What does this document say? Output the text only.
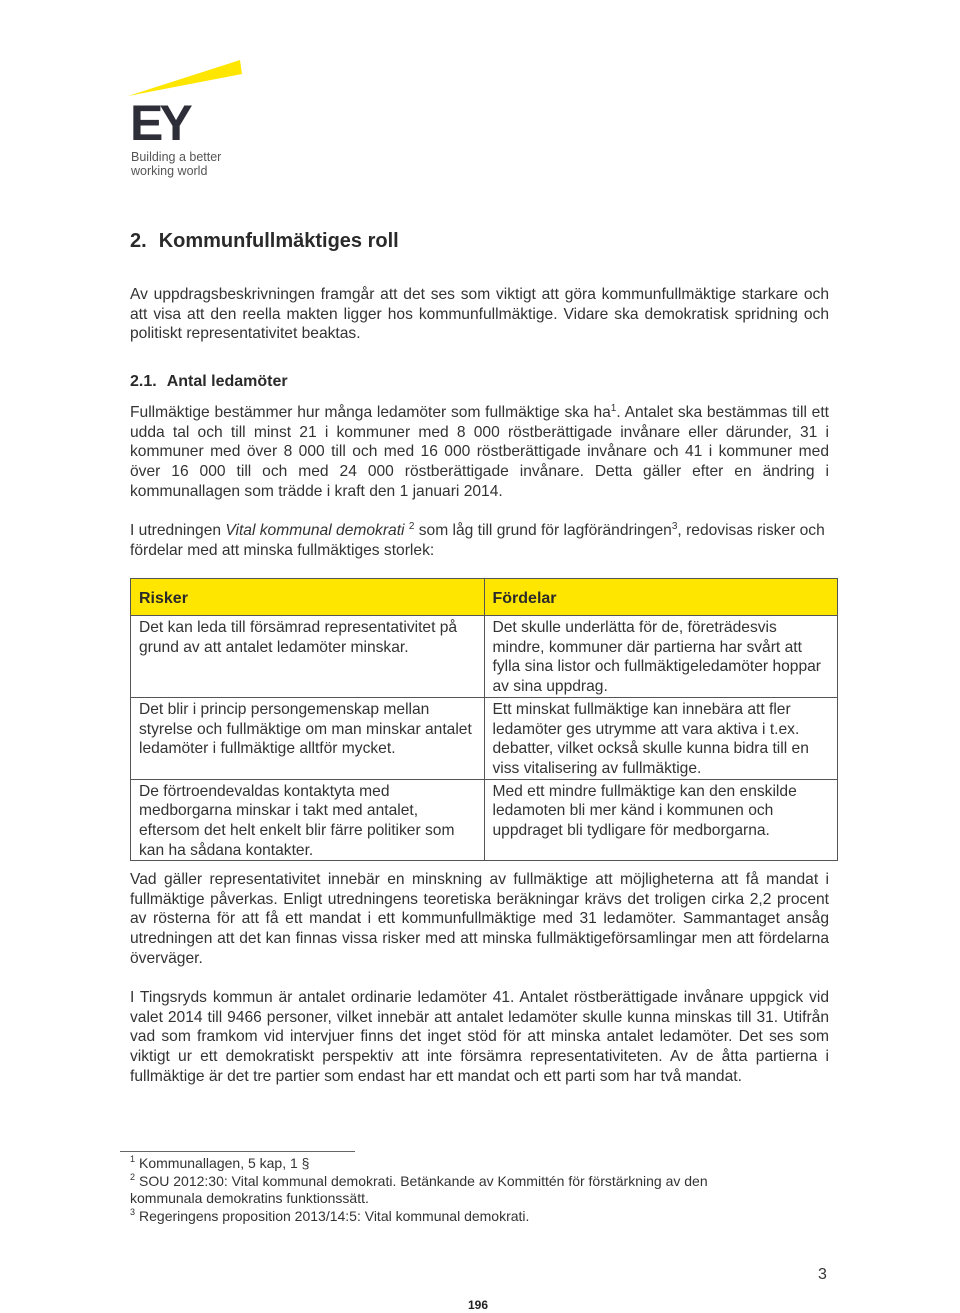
EY
Building a better working world
2. Kommunfullmäktiges roll

Av uppdragsbeskrivningen framgår att det ses som viktigt att göra kommunfullmäktige starkare och att visa att den reella makten ligger hos kommunfullmäktige. Vidare ska demokratisk spridning och politiskt representativitet beaktas.

2.1. Antal ledamöter

Fullmäktige bestämmer hur många ledamöter som fullmäktige ska $ha^1$. Antalet ska bestämmas till ett udda tal och till minst 21 i kommuner med 8 000 röstberättigade invånare eller därunder, 31 i kommuner med över 8 000 till och med 16 000 röstberättigade invånare och 41 i kommuner med över 16 000 till och med 24 000 röstberättigade invånare. Detta gäller efter en ändring i kommunallagen som trädde i kraft den 1 januari 2014.

I utredningen Vital kommunal demokrati $^2$ som låg till grund för lagförändringen$^3$, redovisas risker och fördelar med att minska fullmäktiges storlek:

Risker	Fördelar
Det kan leda till försämrad representativitet på grund av att antalet ledamöter minskar.	Det skulle underlätta för de, företrädesvis mindre, kommuner där partierna har svårt att fylla sina listor och fullmäktigeledamöter hoppar av sina uppdrag.
Det blir i princip persongemenskap mellan styrelse och fullmäktige om man minskar antalet ledamöter i fullmäktige alltför mycket.	Ett minskat fullmäktige kan innebära att fler ledamöter ges utrymme att vara aktiva i t.ex. debatter, vilket också skulle kunna bidra till en viss vitalisering av fullmäktige.
De förtroendevaldas kontaktyta med medborgarna minskar i takt med antalet, eftersom det helt enkelt blir färre politiker som kan ha sådana kontakter.	Med ett mindre fullmäktige kan den enskilde ledamoten bli mer känd i kommunen och uppdraget bli tydligare för medborgarna.

Vad gäller representativitet innebär en minskning av fullmäktige att möjligheterna att få mandat i fullmäktige påverkas. Enligt utredningens teoretiska beräkningar krävs det troligen cirka 2,2 procent av rösterna för att få ett mandat i ett kommunfullmäktige med 31 ledamöter. Sammantaget ansåg utredningen att det kan finnas vissa risker med att minska fullmäktigeförsamlingar men att fördelarna överväger.

I Tingsryds kommun är antalet ordinarie ledamöter 41. Antalet röstberättigade invånare uppgick vid valet 2014 till 9466 personer, vilket innebär att antalet ledamöter skulle kunna minskas till 31. Utifrån vad som framkom vid intervjuer finns det inget stöd för att minska antalet ledamöter. Det ses som viktigt ur ett demokratiskt perspektiv att inte försämra representativiteten. Av de åtta partierna i fullmäktige är det tre partier som endast har ett mandat och ett parti som har två mandat.

$^1$ Kommunallagen, 5 kap, 1 §
$^2$ SOU 2012:30: Vital kommunal demokrati. Betänkande av Kommittén för förstärkning av den kommunala demokratins funktionssätt.
$^3$ Regeringens proposition 2013/14:5: Vital kommunal demokrati.
3
196
